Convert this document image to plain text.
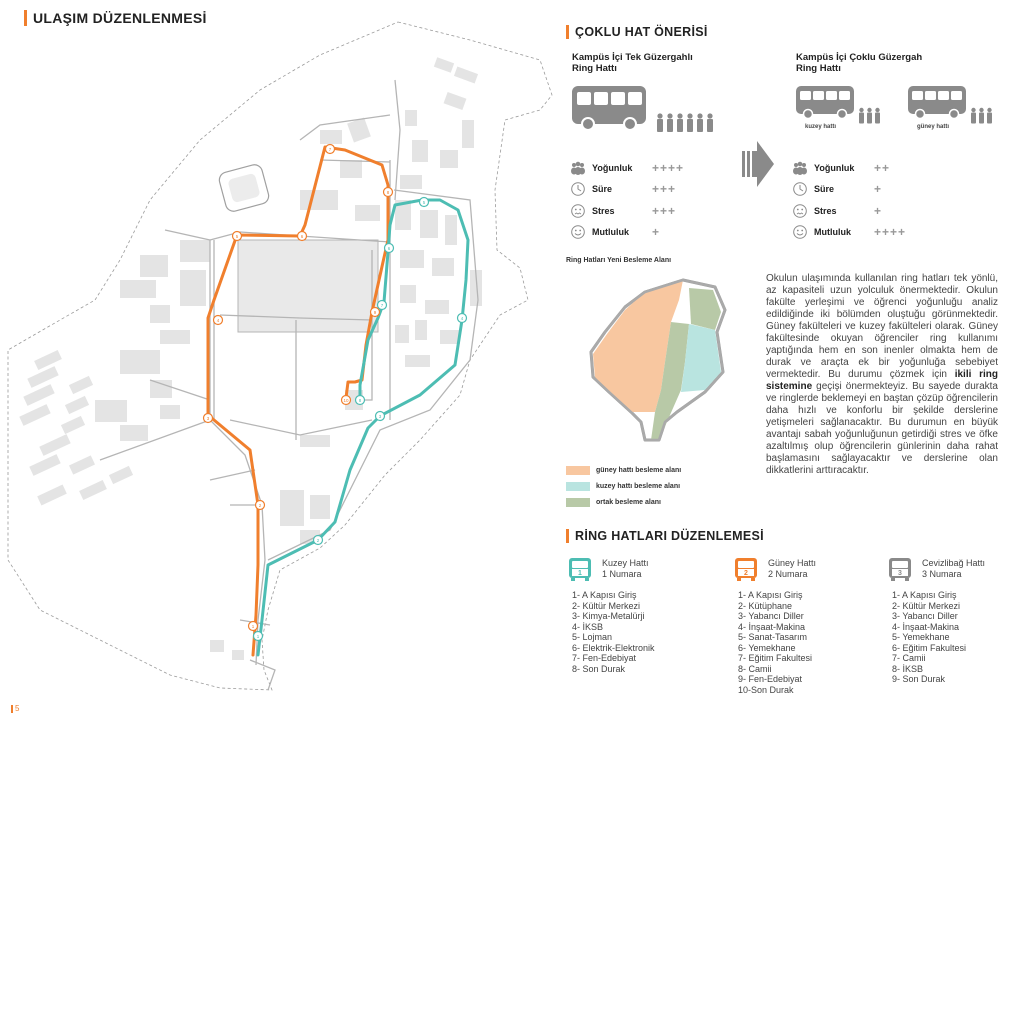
ULAŞIM DÜZENLENMESİ
1
2
3
4
5	6
7
8
9
10
1
2
3
4
5
6
7
8
5
ÇOKLU HAT ÖNERİSİ
Kampüs İçi Tek Güzergahlı
Ring Hattı
Kampüs İçi Çoklu Güzergah
Ring Hattı
kuzey hattı	güney hattı
Yoğunluk	++++
Süre	+++
Stres	+++
Mutluluk	+
Yoğunluk	++
Süre	+
Stres	+
Mutluluk	++++
Ring Hatları Yeni Besleme Alanı
güney hattı besleme alanı
kuzey hattı besleme alanı
ortak besleme alanı
Okulun ulaşımında kullanılan ring hatları tek yönlü, az kapasiteli uzun yolculuk önermektedir. Okulun fakülte yerleşimi ve öğrenci yoğunluğu analiz edildiğinde iki bölümden oluştuğu görünmektedir. Güney fakülteleri ve kuzey fakülteleri olarak. Güney fakültesinde okuyan öğrenciler ring kullanımı yaptığında hem en son inenler olmakta hem de durak ve araçta ek bir yoğunluğa sebebiyet vermektedir. Bu durumu çözmek için ikili ring sistemine geçişi önermekteyiz. Bu sayede durakta ve ringlerde beklemeyi en baştan çözüp öğrencilerin daha hızlı ve konforlu bir şekilde derslerine yetişmeleri sağlanacaktır. Bu durumun en büyük avantajı sabah yoğunluğunun getirdiği stres ve öfke azaltılmış olup öğrencilerin günlerinin daha rahat başlamasını sağlayacaktır ve derslerine olan dikkatlerini arttıracaktır.
RİNG HATLARI DÜZENLEMESİ
1
Kuzey Hattı
1 Numara
1- A Kapısı Giriş
2- Kültür Merkezi
3- Kimya-Metalürji
4- İKSB
5- Lojman
6- Elektrik-Elektronik
7- Fen-Edebiyat
8- Son Durak
2
Güney Hattı
2 Numara
1- A Kapısı Giriş
2- Kütüphane
3- Yabancı Diller
4- İnşaat-Makina
5- Sanat-Tasarım
6- Yemekhane
7- Eğitim Fakultesi
8- Camii
9- Fen-Edebiyat
10-Son Durak
3
Cevizlibağ Hattı
3 Numara
1- A Kapısı Giriş
2- Kültür Merkezi
3- Yabancı Diller
4- İnşaat-Makina
5- Yemekhane
6- Eğitim Fakultesi
7- Camii
8- İKSB
9- Son Durak
